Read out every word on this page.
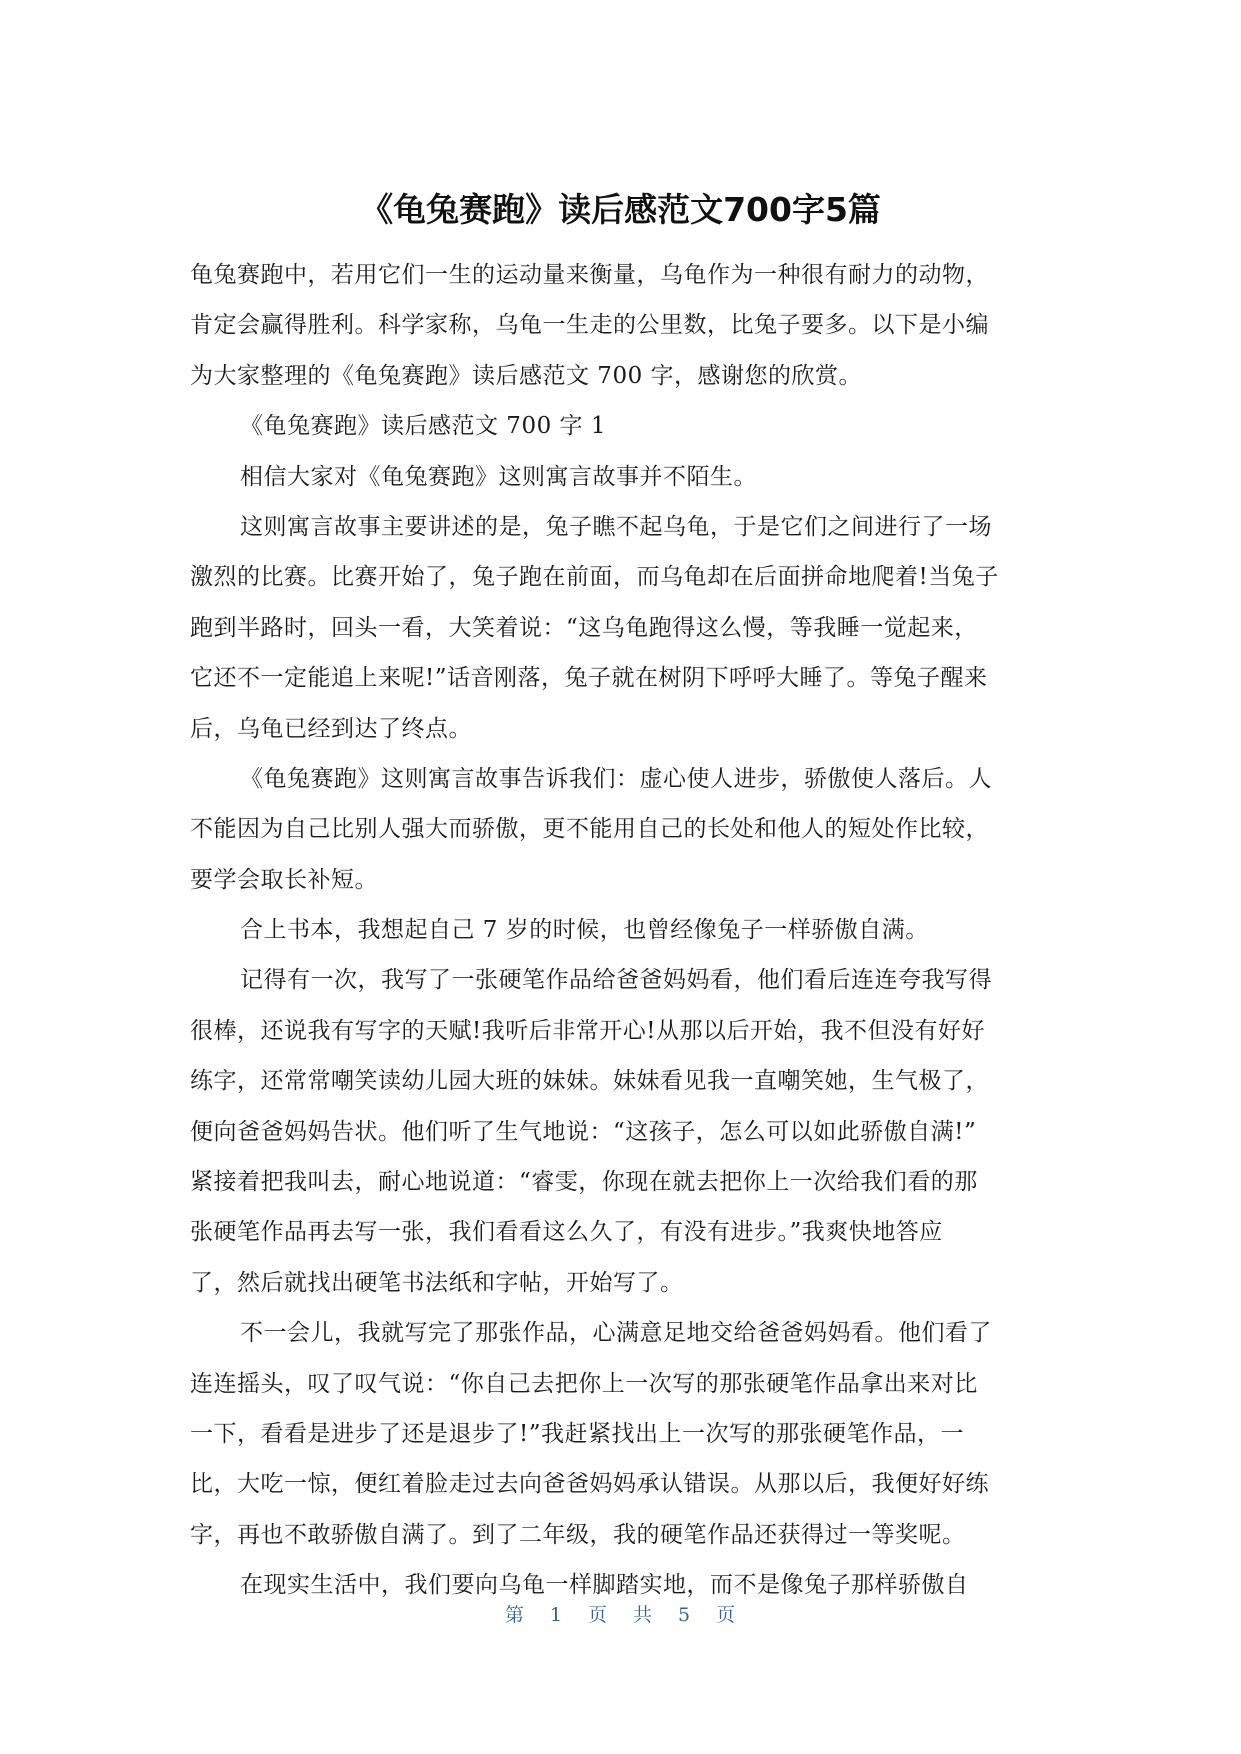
《龟兔赛跑》读后感范文700字5篇
龟兔赛跑中，若用它们一生的运动量来衡量，乌龟作为一种很有耐力的动物，
肯定会赢得胜利。科学家称，乌龟一生走的公里数，比兔子要多。以下是小编
为大家整理的《龟兔赛跑》读后感范文 700 字，感谢您的欣赏。
《龟兔赛跑》读后感范文 700 字 1
相信大家对《龟兔赛跑》这则寓言故事并不陌生。
这则寓言故事主要讲述的是，兔子瞧不起乌龟，于是它们之间进行了一场
激烈的比赛。比赛开始了，兔子跑在前面，而乌龟却在后面拼命地爬着!当兔子
跑到半路时，回头一看，大笑着说：“这乌龟跑得这么慢，等我睡一觉起来，
它还不一定能追上来呢!”话音刚落，兔子就在树阴下呼呼大睡了。等兔子醒来
后，乌龟已经到达了终点。
《龟兔赛跑》这则寓言故事告诉我们：虚心使人进步，骄傲使人落后。人
不能因为自己比别人强大而骄傲，更不能用自己的长处和他人的短处作比较，
要学会取长补短。
合上书本，我想起自己 7 岁的时候，也曾经像兔子一样骄傲自满。
记得有一次，我写了一张硬笔作品给爸爸妈妈看，他们看后连连夸我写得
很棒，还说我有写字的天赋!我听后非常开心!从那以后开始，我不但没有好好
练字，还常常嘲笑读幼儿园大班的妹妹。妹妹看见我一直嘲笑她，生气极了，
便向爸爸妈妈告状。他们听了生气地说：“这孩子，怎么可以如此骄傲自满!”
紧接着把我叫去，耐心地说道：“睿雯，你现在就去把你上一次给我们看的那
张硬笔作品再去写一张，我们看看这么久了，有没有进步。”我爽快地答应
了，然后就找出硬笔书法纸和字帖，开始写了。
不一会儿，我就写完了那张作品，心满意足地交给爸爸妈妈看。他们看了
连连摇头，叹了叹气说：“你自己去把你上一次写的那张硬笔作品拿出来对比
一下，看看是进步了还是退步了!”我赶紧找出上一次写的那张硬笔作品，一
比，大吃一惊，便红着脸走过去向爸爸妈妈承认错误。从那以后，我便好好练
字，再也不敢骄傲自满了。到了二年级，我的硬笔作品还获得过一等奖呢。
在现实生活中，我们要向乌龟一样脚踏实地，而不是像兔子那样骄傲自
第 1 页 共 5 页
